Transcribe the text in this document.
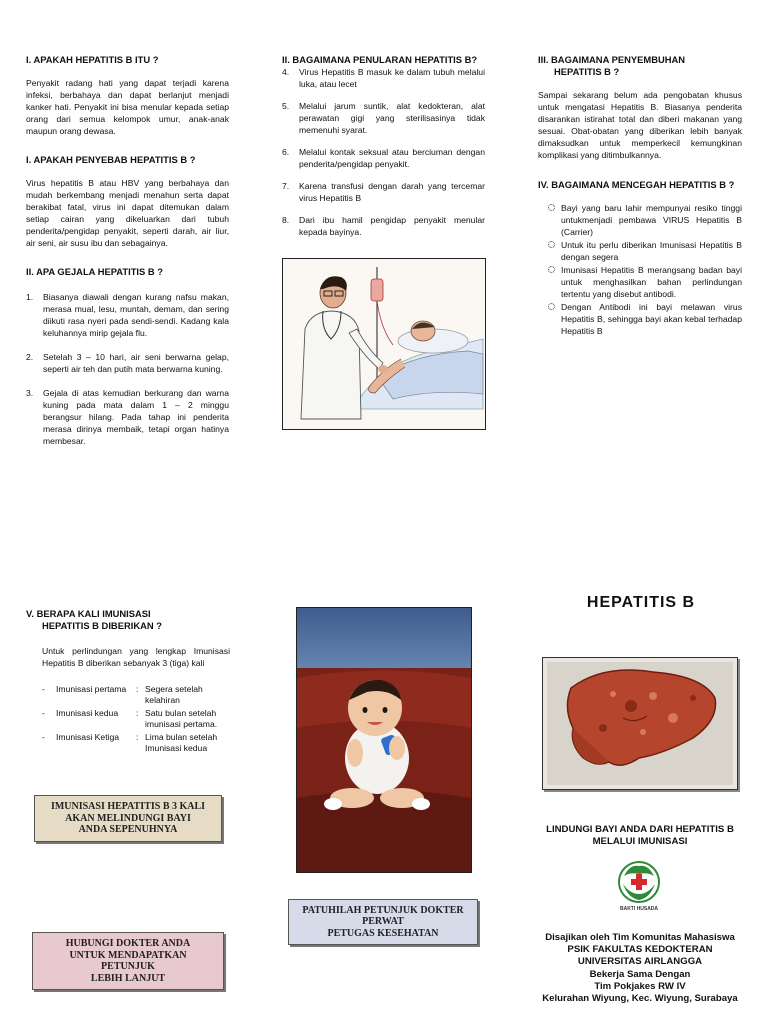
I. APAKAH HEPATITIS B ITU ?
Penyakit radang hati yang dapat terjadi karena infeksi, berbahaya dan dapat berlanjut menjadi kanker hati. Penyakit ini bisa menular kepada setiap orang dari semua kelompok umur, anak-anak maupun orang dewasa.
I. APAKAH PENYEBAB HEPATITIS B ?
Virus hepatitis B atau HBV yang berbahaya dan mudah berkembang menjadi menahun serta dapat berakibat fatal, virus ini dapat ditemukan dalam setiap cairan yang dikeluarkan dari tubuh penderita/pengidap penyakit, seperti darah, air liur, air seni, air susu ibu dan sebagainya.
II. APA GEJALA HEPATITIS B ?
1. Biasanya diawali dengan kurang nafsu makan, merasa mual, lesu, muntah, demam, dan sering diikuti rasa nyeri pada sendi-sendi. Kadang kala keluhannya mirip gejala flu.
2. Setelah 3 – 10 hari, air seni berwarna gelap, seperti air teh dan putih mata berwarna kuning.
3. Gejala di atas kemudian berkurang dan warna kuning pada mata dalam 1 – 2 minggu berangsur hilang. Pada tahap ini penderita merasa dirinya membaik, tetapi organ hatinya membesar.
II. BAGAIMANA PENULARAN HEPATITIS B?
4. Virus Hepatitis B masuk ke dalam tubuh melalui luka, atau lecet
5. Melalui jarum suntik, alat kedokteran, alat perawatan gigi yang sterilisasinya tidak memenuhi syarat.
6. Melalui kontak seksual atau berciuman dengan penderita/pengidap penyakit.
7. Karena transfusi dengan darah yang tercemar virus Hepatitis B
8. Dari ibu hamil pengidap penyakit menular kepada bayinya.
III. BAGAIMANA PENYEMBUHAN
HEPATITIS B ?
Sampai sekarang belum ada pengobatan khusus untuk mengatasi Hepatitis B. Biasanya penderita disarankan istirahat total dan diberi makanan yang sesuai. Obat-obatan yang diberikan lebih banyak dimaksudkan untuk memperkecil kemungkinan komplikasi yang ditimbulkannya.
IV. BAGAIMANA MENCEGAH HEPATITIS B ?
Bayi yang baru lahir mempunyai resiko tinggi untukmenjadi pembawa VIRUS Hepatitis B (Carrier)
Untuk itu perlu diberikan Imunisasi Hepatitis B dengan segera
Imunisasi Hepatitis B merangsang badan bayi untuk menghasilkan bahan perlindungan tertentu yang disebut antibodi.
Dengan Antibodi ini bayi melawan virus Hepatitis B, sehingga bayi akan kebal terhadap Hepatitis B
V. BERAPA KALI IMUNISASI
HEPATITIS B DIBERIKAN ?
Untuk perlindungan yang lengkap Imunisasi Hepatitis B diberikan sebanyak 3 (tiga) kali
-	Imunisasi pertama	:	Segera setelah
kelahiran
-	Imunisasi kedua	:	Satu bulan setelah
imunisasi pertama.
-	Imunisasi Ketiga	:	Lima bulan setelah
Imunisasi kedua
IMUNISASI HEPATITIS B 3 KALI
AKAN MELINDUNGI BAYI
ANDA SEPENUHNYA
HUBUNGI DOKTER ANDA
UNTUK MENDAPATKAN
PETUNJUK
LEBIH LANJUT
PATUHILAH PETUNJUK DOKTER
PERWAT
PETUGAS KESEHATAN
HEPATITIS B
LINDUNGI BAYI ANDA DARI HEPATITIS B
MELALUI IMUNISASI
BAKTI HUSADA
Disajikan oleh Tim Komunitas Mahasiswa
PSIK FAKULTAS KEDOKTERAN
UNIVERSITAS AIRLANGGA
Bekerja Sama Dengan
Tim Pokjakes RW IV
Kelurahan Wiyung, Kec. Wiyung, Surabaya
